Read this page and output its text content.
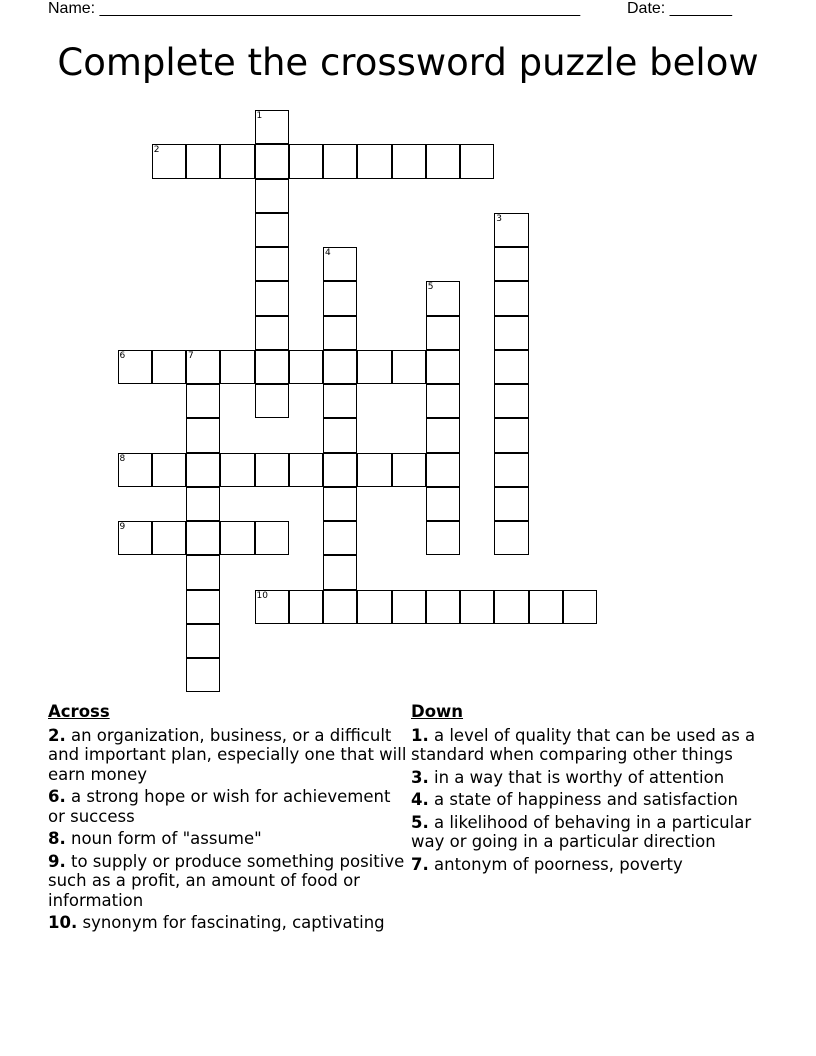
Name: ______________________________________________________	Date: _______
Complete the crossword puzzle below
1
2
3
4
5
6	7
8
9
10
Across
2. an organization, business, or a difficult and important plan, especially one that will earn money
6. a strong hope or wish for achievement or success
8. noun form of "assume"
9. to supply or produce something positive such as a profit, an amount of food or information
10. synonym for fascinating, captivating
Down
1. a level of quality that can be used as a standard when comparing other things
3. in a way that is worthy of attention
4. a state of happiness and satisfaction
5. a likelihood of behaving in a particular way or going in a particular direction
7. antonym of poorness, poverty
